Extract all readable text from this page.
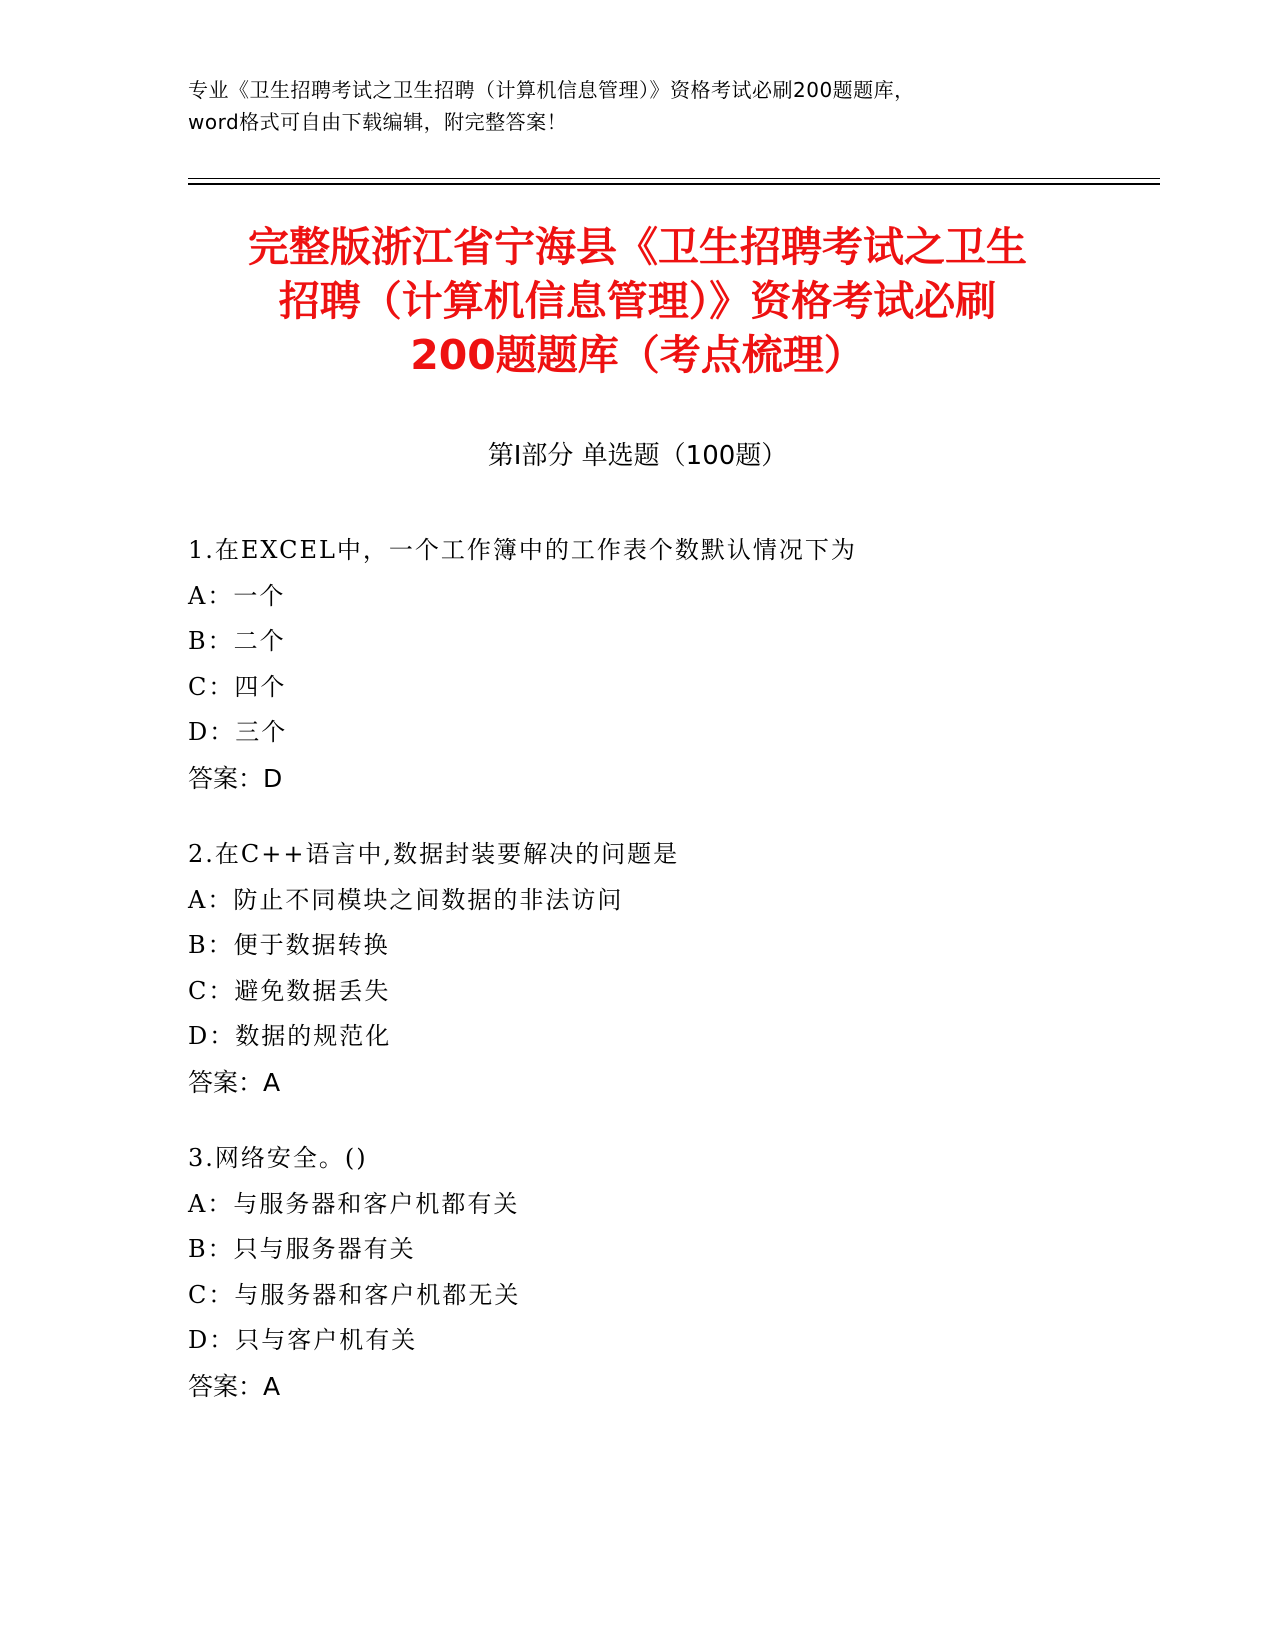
专业《卫生招聘考试之卫生招聘（计算机信息管理）》资格考试必刷200题题库，
word格式可自由下载编辑，附完整答案！
完整版浙江省宁海县《卫生招聘考试之卫生
招聘（计算机信息管理）》资格考试必刷
200题题库（考点梳理）
第Ⅰ部分 单选题（100题）
1.在EXCEL中，一个工作簿中的工作表个数默认情况下为
A：一个
B：二个
C：四个
D：三个
答案：D
2.在C++语言中,数据封装要解决的问题是
A：防止不同模块之间数据的非法访问
B：便于数据转换
C：避免数据丢失
D：数据的规范化
答案：A
3.网络安全。()
A：与服务器和客户机都有关
B：只与服务器有关
C：与服务器和客户机都无关
D：只与客户机有关
答案：A
